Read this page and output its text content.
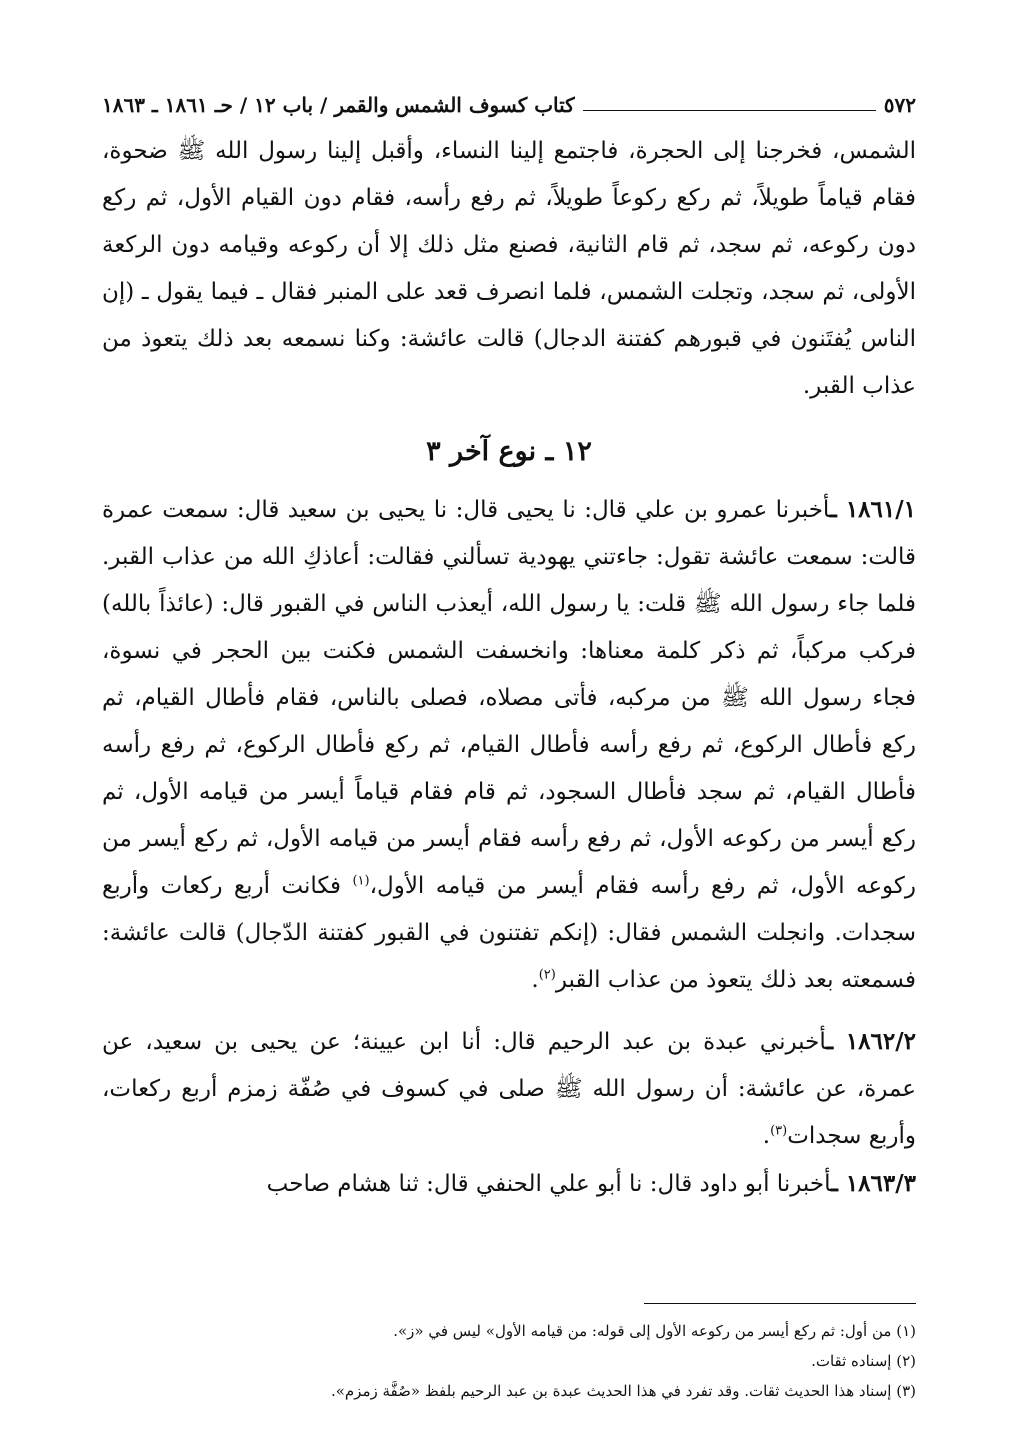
٥٧٢
كتاب كسوف الشمس والقمر / باب ١٢ / حـ ١٨٦١ ـ ١٨٦٣

الشمس، فخرجنا إلى الحجرة، فاجتمع إلينا النساء، وأقبل إلينا رسول الله ﷺ ضحوة، فقام قياماً طويلاً، ثم ركع ركوعاً طويلاً، ثم رفع رأسه، فقام دون القيام الأول، ثم ركع دون ركوعه، ثم سجد، ثم قام الثانية، فصنع مثل ذلك إلا أن ركوعه وقيامه دون الركعة الأولى، ثم سجد، وتجلت الشمس، فلما انصرف قعد على المنبر فقال ـ فيما يقول ـ (إن الناس يُفتَنون في قبورهم كفتنة الدجال) قالت عائشة: وكنا نسمعه بعد ذلك يتعوذ من عذاب القبر.

١٢ ـ نوع آخر ٣

١٨٦١/١ ـأخبرنا عمرو بن علي قال: نا يحيى قال: نا يحيى بن سعيد قال: سمعت عمرة قالت: سمعت عائشة تقول: جاءتني يهودية تسألني فقالت: أعاذكِ الله من عذاب القبر. فلما جاء رسول الله ﷺ قلت: يا رسول الله، أيعذب الناس في القبور قال: (عائذاً بالله) فركب مركباً، ثم ذكر كلمة معناها: وانخسفت الشمس فكنت بين الحجر في نسوة، فجاء رسول الله ﷺ من مركبه، فأتى مصلاه، فصلى بالناس، فقام فأطال القيام، ثم ركع فأطال الركوع، ثم رفع رأسه فأطال القيام، ثم ركع فأطال الركوع، ثم رفع رأسه فأطال القيام، ثم سجد فأطال السجود، ثم قام فقام قياماً أيسر من قيامه الأول، ثم ركع أيسر من ركوعه الأول، ثم رفع رأسه فقام أيسر من قيامه الأول، ثم ركع أيسر من ركوعه الأول، ثم رفع رأسه فقام أيسر من قيامه الأول،$^{(١)}$ فكانت أربع ركعات وأربع سجدات. وانجلت الشمس فقال: (إنكم تفتنون في القبور كفتنة الدّجال) قالت عائشة: فسمعته بعد ذلك يتعوذ من عذاب القبر$^{(٢)}$.

١٨٦٢/٢ ـأخبرني عبدة بن عبد الرحيم قال: أنا ابن عيينة؛ عن يحيى بن سعيد، عن عمرة، عن عائشة: أن رسول الله ﷺ صلى في كسوف في صُفّة زمزم أربع ركعات، وأربع سجدات$^{(٣)}$.

١٨٦٣/٣ ـأخبرنا أبو داود قال: نا أبو علي الحنفي قال: ثنا هشام صاحب

(١) من أول: ثم ركع أيسر من ركوعه الأول إلى قوله: من قيامه الأول» ليس في «ز».

(٢) إسناده ثقات.

(٣) إسناد هذا الحديث ثقات. وقد تفرد في هذا الحديث عبدة بن عبد الرحيم بلفظ «صُفَّة زمزم».
